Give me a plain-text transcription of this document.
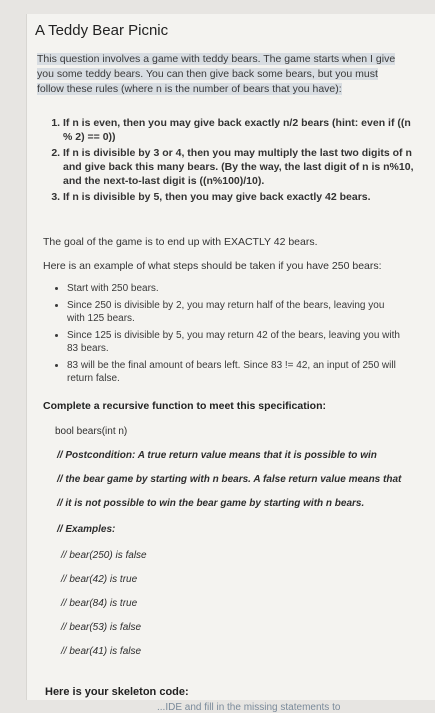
A Teddy Bear Picnic
This question involves a game with teddy bears. The game starts when I give you some teddy bears. You can then give back some bears, but you must follow these rules (where n is the number of bears that you have):
1. If n is even, then you may give back exactly n/2 bears (hint: even if ((n % 2) == 0))
2. If n is divisible by 3 or 4, then you may multiply the last two digits of n and give back this many bears. (By the way, the last digit of n is n%10, and the next-to-last digit is ((n%100)/10).
3. If n is divisible by 5, then you may give back exactly 42 bears.
The goal of the game is to end up with EXACTLY 42 bears.
Here is an example of what steps should be taken if you have 250 bears:
• Start with 250 bears.
• Since 250 is divisible by 2, you may return half of the bears, leaving you with 125 bears.
• Since 125 is divisible by 5, you may return 42 of the bears, leaving you with 83 bears.
• 83 will be the final amount of bears left. Since 83 != 42, an input of 250 will return false.
Complete a recursive function to meet this specification:
bool bears(int n)
// Postcondition: A true return value means that it is possible to win
// the bear game by starting with n bears. A false return value means that
// it is not possible to win the bear game by starting with n bears.
// Examples:
// bear(250) is false
// bear(42) is true
// bear(84) is true
// bear(53) is false
// bear(41) is false
Here is your skeleton code:
...IDE and fill in the missing statements to
